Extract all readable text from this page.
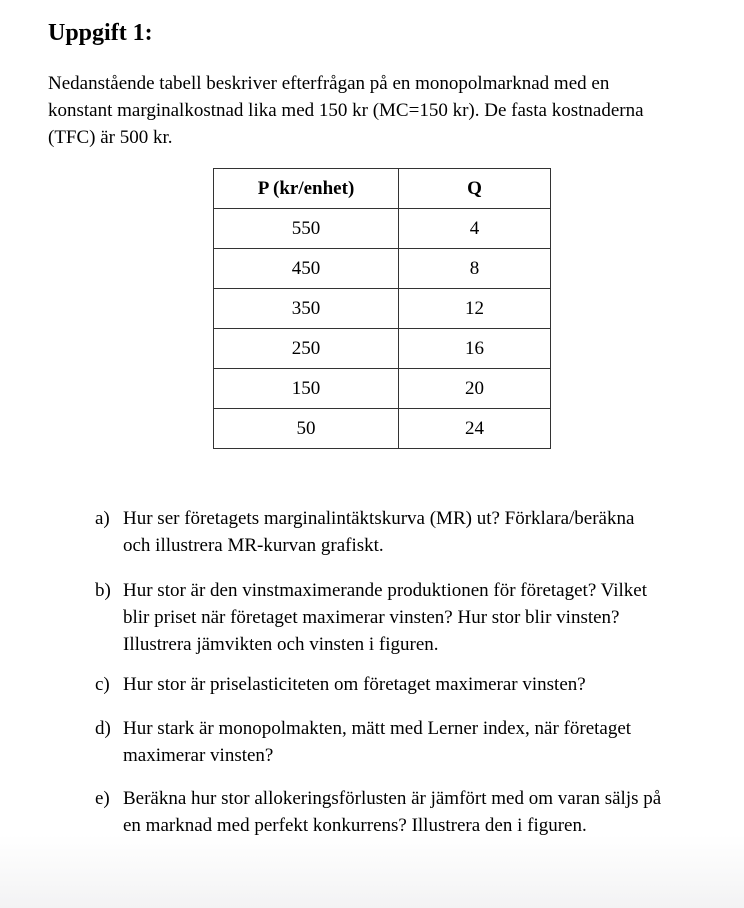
Uppgift 1:
Nedanstående tabell beskriver efterfrågan på en monopolmarknad med en
konstant marginalkostnad lika med 150 kr (MC=150 kr). De fasta kostnaderna
(TFC) är 500 kr.
P (kr/enhet)	Q
550	4
450	8
350	12
250	16
150	20
50	24
a) Hur ser företagets marginalintäktskurva (MR) ut? Förklara/beräkna
och illustrera MR-kurvan grafiskt.
b) Hur stor är den vinstmaximerande produktionen för företaget? Vilket
blir priset när företaget maximerar vinsten? Hur stor blir vinsten?
Illustrera jämvikten och vinsten i figuren.
c) Hur stor är priselasticiteten om företaget maximerar vinsten?
d) Hur stark är monopolmakten, mätt med Lerner index, när företaget
maximerar vinsten?
e) Beräkna hur stor allokeringsförlusten är jämfört med om varan säljs på
en marknad med perfekt konkurrens? Illustrera den i figuren.
